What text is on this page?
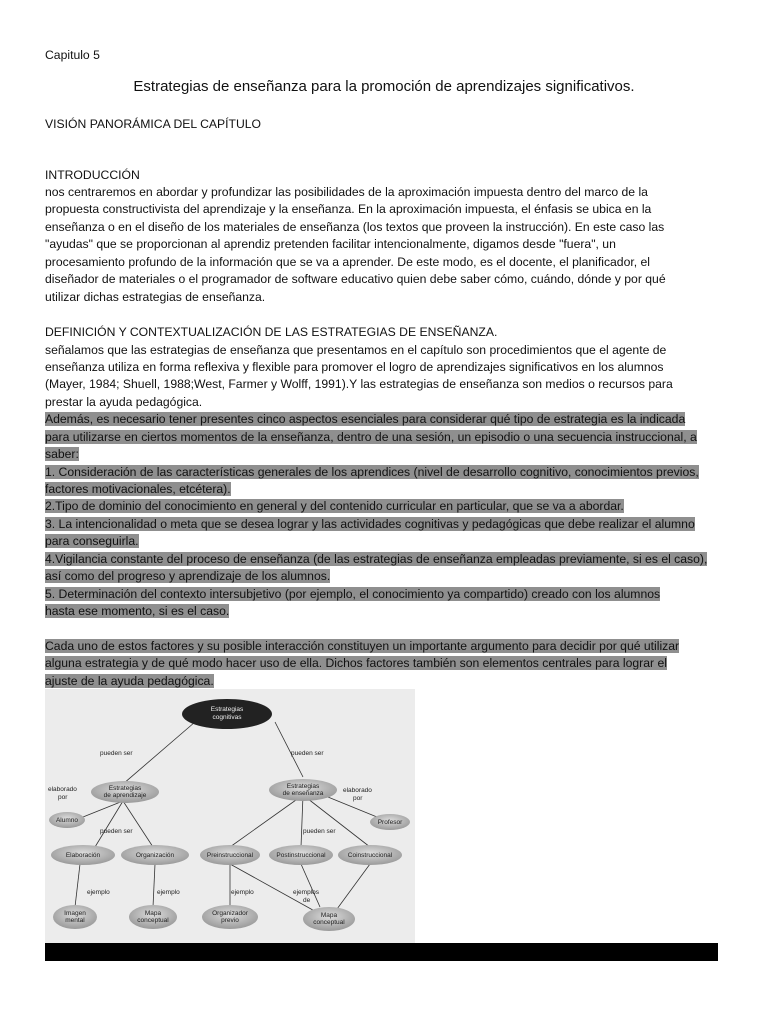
Capitulo 5
Estrategias de enseñanza para la promoción de aprendizajes significativos.
VISIÓN PANORÁMICA DEL CAPÍTULO
INTRODUCCIÓN
nos centraremos en abordar y profundizar las posibilidades de la aproximación impuesta dentro del marco de la
propuesta constructivista del aprendizaje y la enseñanza. En la aproximación impuesta, el énfasis se ubica en la
enseñanza o en el diseño de los materiales de enseñanza (los textos que proveen la instrucción). En este caso las
"ayudas" que se proporcionan al aprendiz pretenden facilitar intencionalmente, digamos desde "fuera", un
procesamiento profundo de la información que se va a aprender. De este modo, es el docente, el planificador, el
diseñador de materiales o el programador de software educativo quien debe saber cómo, cuándo, dónde y por qué
utilizar dichas estrategias de enseñanza.
DEFINICIÓN Y CONTEXTUALIZACIÓN DE LAS ESTRATEGIAS DE ENSEÑANZA.
señalamos que las estrategias de enseñanza que presentamos en el capítulo son procedimientos que el agente de
enseñanza utiliza en forma reflexiva y flexible para promover el logro de aprendizajes significativos en los alumnos
(Mayer, 1984; Shuell, 1988;West, Farmer y Wolff, 1991).Y las estrategias de enseñanza son medios o recursos para
prestar la ayuda pedagógica.
Además, es necesario tener presentes cinco aspectos esenciales para considerar qué tipo de estrategia es la indicada
para utilizarse en ciertos momentos de la enseñanza, dentro de una sesión, un episodio o una secuencia instruccional, a
saber:
1. Consideración de las características generales de los aprendices (nivel de desarrollo cognitivo, conocimientos previos,
factores motivacionales, etcétera).
2.Tipo de dominio del conocimiento en general y del contenido curricular en particular, que se va a abordar.
3. La intencionalidad o meta que se desea lograr y las actividades cognitivas y pedagógicas que debe realizar el alumno
para conseguirla.
4.Vigilancia constante del proceso de enseñanza (de las estrategias de enseñanza empleadas previamente, si es el caso),
así como del progreso y aprendizaje de los alumnos.
5. Determinación del contexto intersubjetivo (por ejemplo, el conocimiento ya compartido) creado con los alumnos
hasta ese momento, si es el caso.
Cada uno de estos factores y su posible interacción constituyen un importante argumento para decidir por qué utilizar
alguna estrategia y de qué modo hacer uso de ella. Dichos factores también son elementos centrales para lograr el
ajuste de la ayuda pedagógica.
Estrategias
cognitivas
pueden ser	pueden ser
Estrategias
de aprendizaje
Estrategias
de enseñanza
elaborado
por
elaborado
por
Alumno	Profesor
pueden ser	pueden ser
Elaboración	Organización	Preinstruccional	Postinstruccional	Coinstruccional
ejemplo	ejemplo	ejemplo	ejemplos
de
Imagen
mental
Mapa
conceptual
Organizador
previo
Mapa
conceptual
